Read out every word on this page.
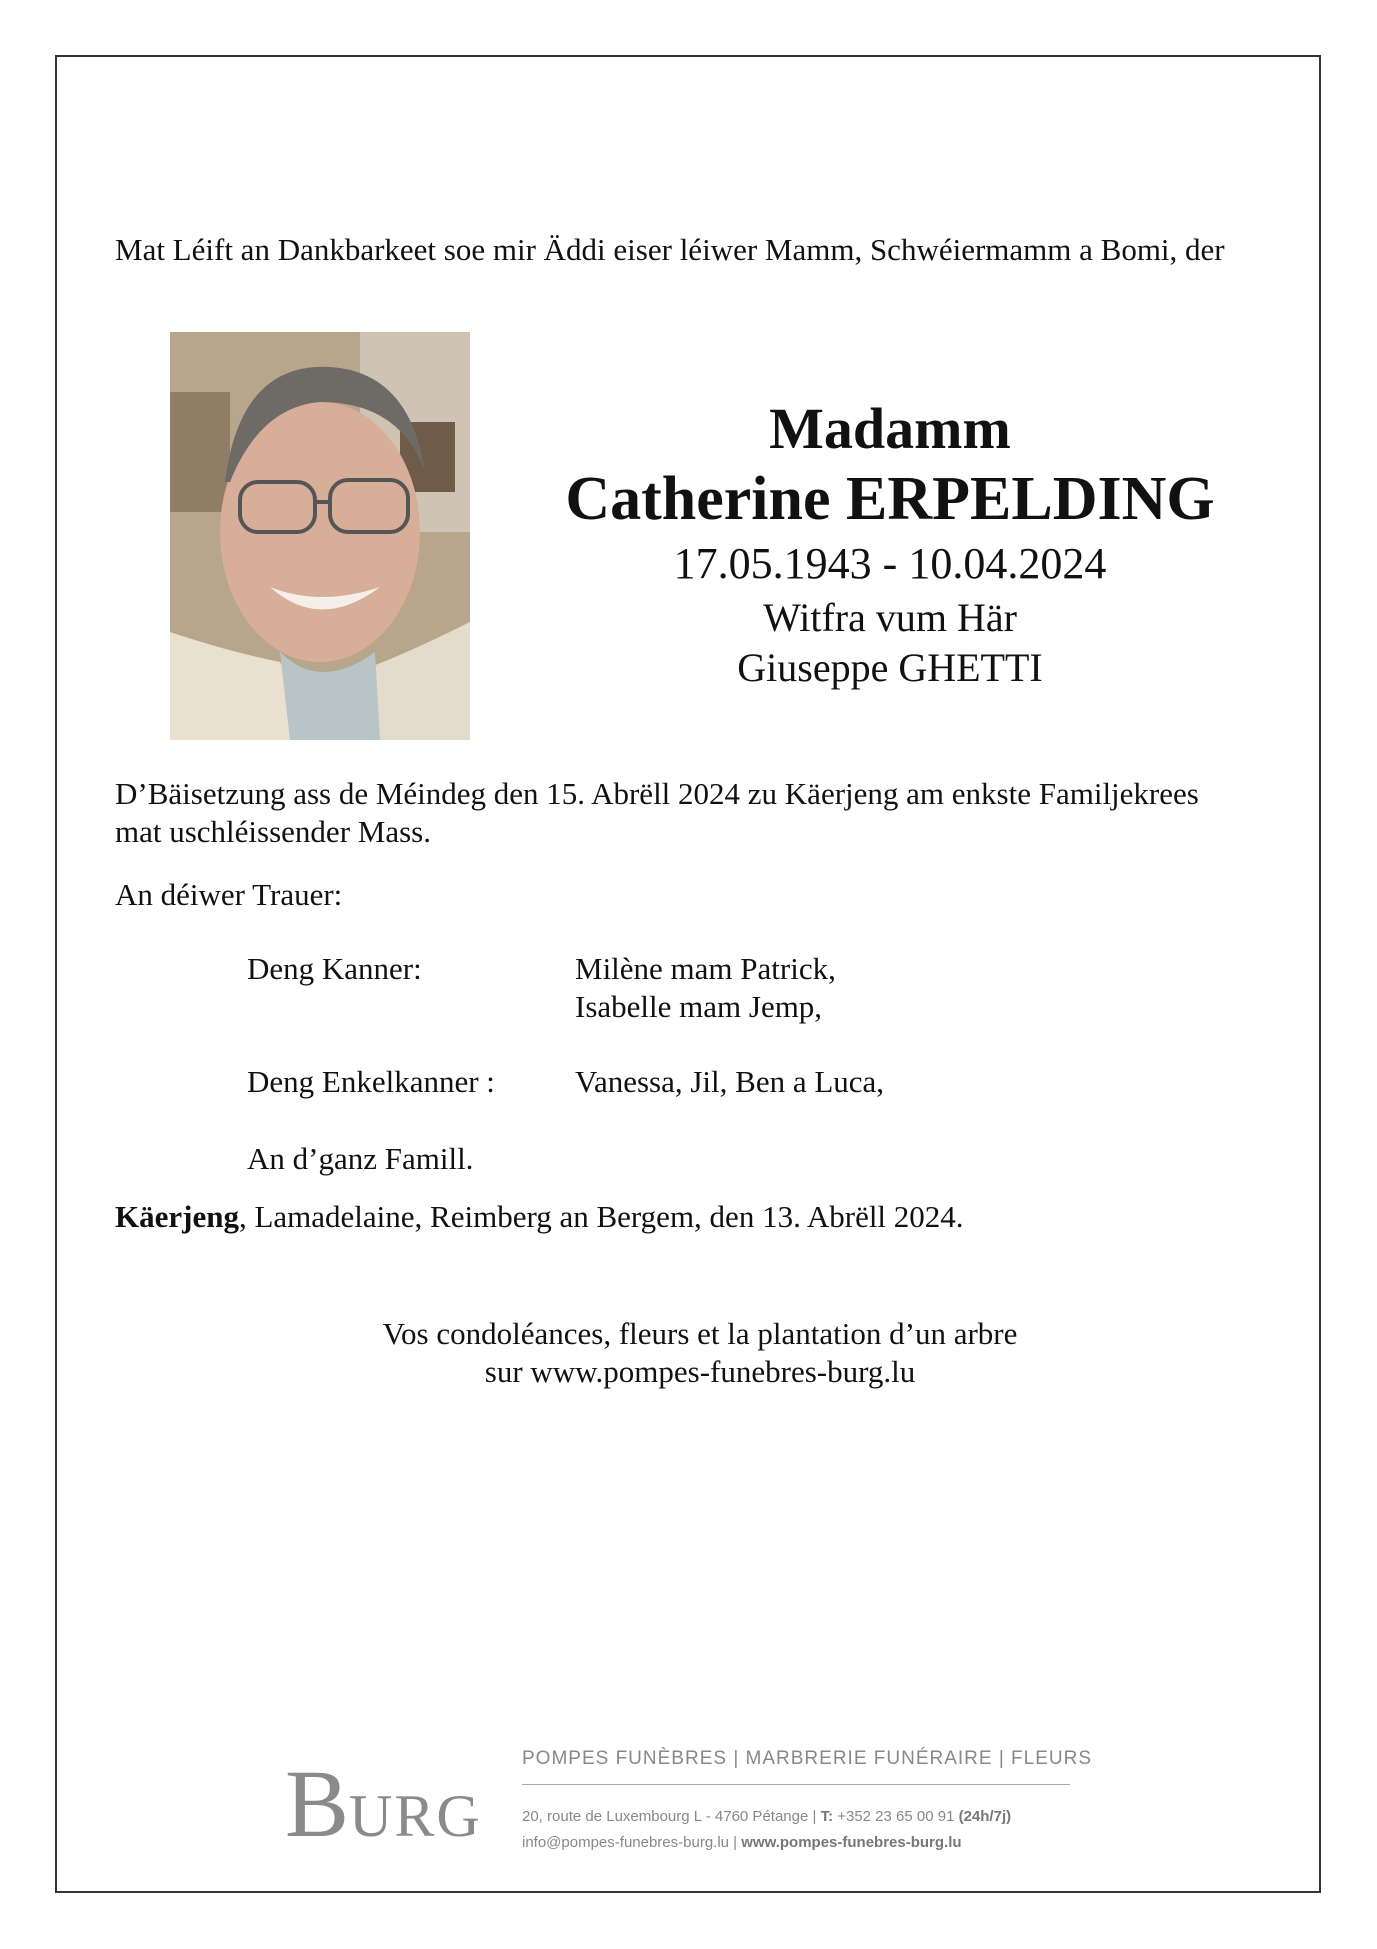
Mat Léift an Dankbarkeet soe mir Äddi eiser léiwer Mamm, Schwéiermamm a Bomi, der
Madamm
Catherine ERPELDING
17.05.1943 - 10.04.2024
Witfra vum Här
Giuseppe GHETTI
D’Bäisetzung ass de Méindeg den 15. Abrëll 2024 zu Käerjeng am enkste Familjekrees
mat uschléissender Mass.
An déiwer Trauer:
Deng Kanner:	Milène mam Patrick,
Isabelle mam Jemp,
Deng Enkelkanner :	Vanessa, Jil, Ben a Luca,
An d’ganz Famill.
Käerjeng, Lamadelaine, Reimberg an Bergem, den 13. Abrëll 2024.
Vos condoléances, fleurs et la plantation d’un arbre
sur www.pompes-funebres-burg.lu
BURG
POMPES FUNÈBRES | MARBRERIE FUNÉRAIRE | FLEURS
20, route de Luxembourg L - 4760 Pétange | T: +352 23 65 00 91 (24h/7j)
info@pompes-funebres-burg.lu | www.pompes-funebres-burg.lu
